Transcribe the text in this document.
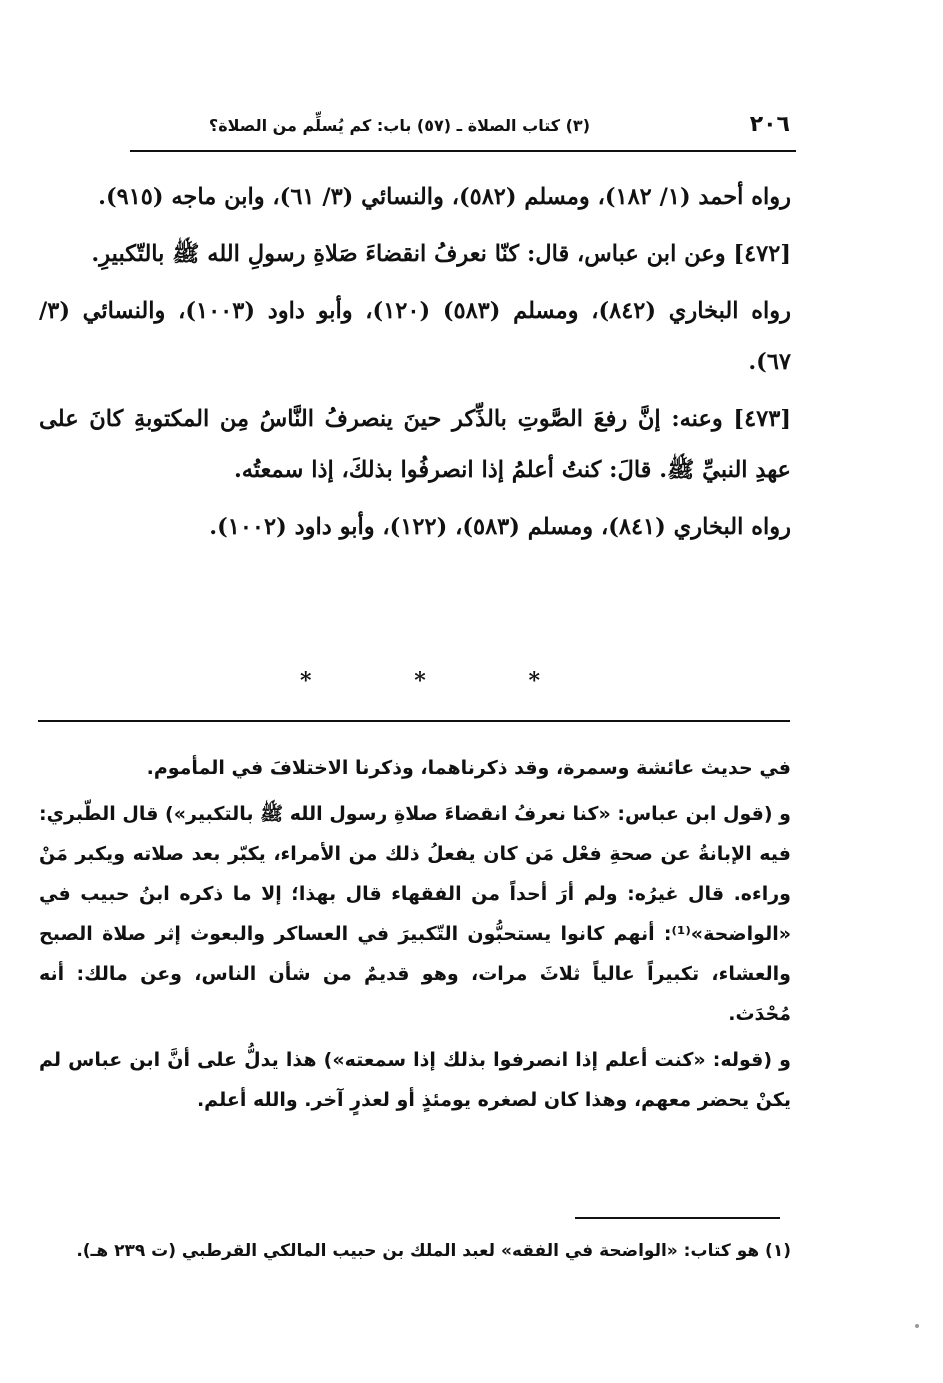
٢٠٦
(٣) كتاب الصلاة ـ (٥٧) باب: كم يُسلِّم من الصلاة؟

رواه أحمد (١/ ١٨٢)، ومسلم (٥٨٢)، والنسائي (٣/ ٦١)، وابن ماجه (٩١٥).

[٤٧٢] وعن ابن عباس، قال: كنّا نعرفُ انقضاءَ صَلاةِ رسولِ الله ﷺ بالتّكبيرِ.

رواه البخاري (٨٤٢)، ومسلم (٥٨٣) (١٢٠)، وأبو داود (١٠٠٣)، والنسائي (٣/ ٦٧).

[٤٧٣] وعنه: إنَّ رفعَ الصَّوتِ بالذِّكر حينَ ينصرفُ النَّاسُ مِن المكتوبةِ كانَ على عهدِ النبيِّ ﷺ. قالَ: كنتُ أعلمُ إذا انصرفُوا بذلكَ، إذا سمعتُه.

رواه البخاري (٨٤١)، ومسلم (٥٨٣)، (١٢٢)، وأبو داود (١٠٠٢).

*	*	*

في حديث عائشة وسمرة، وقد ذكرناهما، وذكرنا الاختلافَ في المأموم.

و (قول ابن عباس: «كنا نعرفُ انقضاءَ صلاةِ رسول الله ﷺ بالتكبير») قال الطّبري: فيه الإبانةُ عن صحةِ فعْل مَن كان يفعلُ ذلك من الأمراء، يكبّر بعد صلاته ويكبر مَنْ وراءه. قال غيرُه: ولم أرَ أحداً من الفقهاء قال بهذا؛ إلا ما ذكره ابنُ حبيب في «الواضحة»⁽¹⁾: أنهم كانوا يستحبُّون التّكبيرَ في العساكر والبعوث إثر صلاة الصبح والعشاء، تكبيراً عالياً ثلاثَ مرات، وهو قديمٌ من شأن الناس، وعن مالك: أنه مُحْدَث.

و (قوله: «كنت أعلم إذا انصرفوا بذلك إذا سمعته») هذا يدلُّ على أنَّ ابن عباس لم يكنْ يحضر معهم، وهذا كان لصغره يومئذٍ أو لعذرٍ آخر. والله أعلم.

(١) هو كتاب: «الواضحة في الفقه» لعبد الملك بن حبيب المالكي القرطبي (ت ٢٣٩ هـ).
